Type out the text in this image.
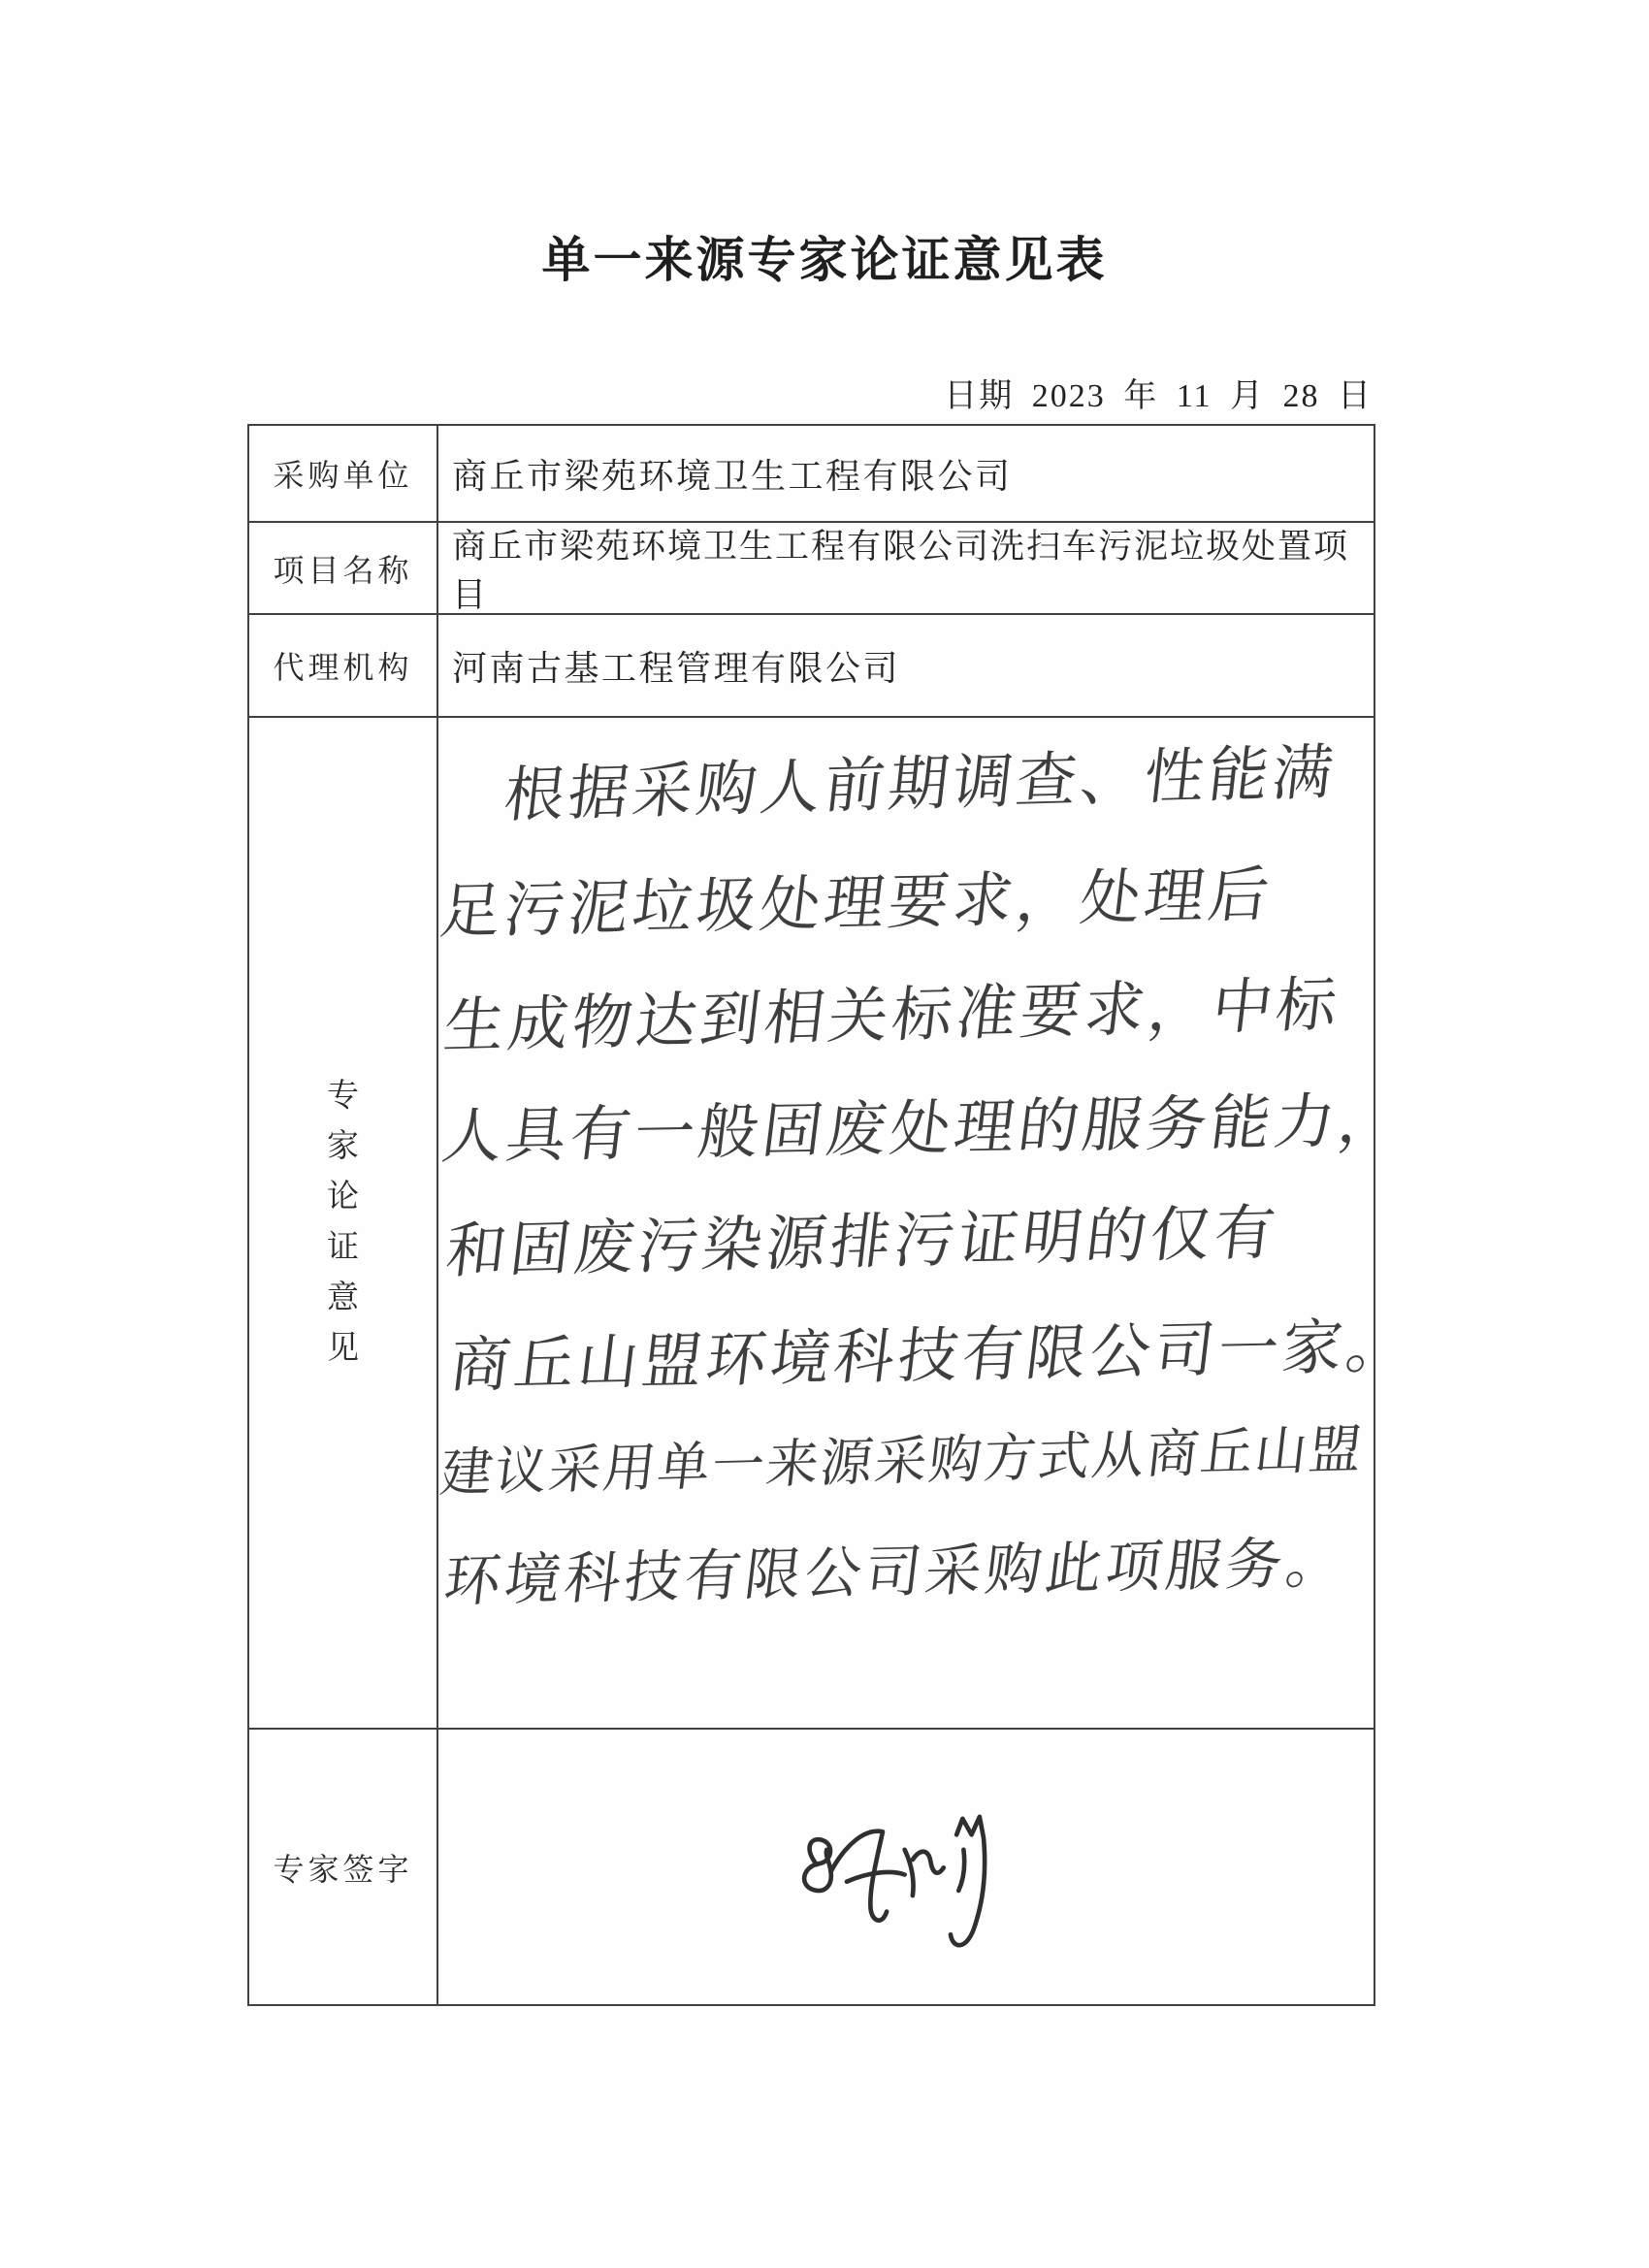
单一来源专家论证意见表
日期 2023 年 11 月 28 日
采购单位	商丘市梁苑环境卫生工程有限公司
项目名称
商丘市梁苑环境卫生工程有限公司洗扫车污泥垃圾处置项目
代理机构	河南古基工程管理有限公司
专
家
论
证
意
见
根据采购人前期调查、性能满
足污泥垃圾处理要求，处理后
生成物达到相关标准要求，中标
人具有一般固废处理的服务能力，
和固废污染源排污证明的仅有
商丘山盟环境科技有限公司一家。
建议采用单一来源采购方式从商丘山盟
环境科技有限公司采购此项服务。
专家签字
